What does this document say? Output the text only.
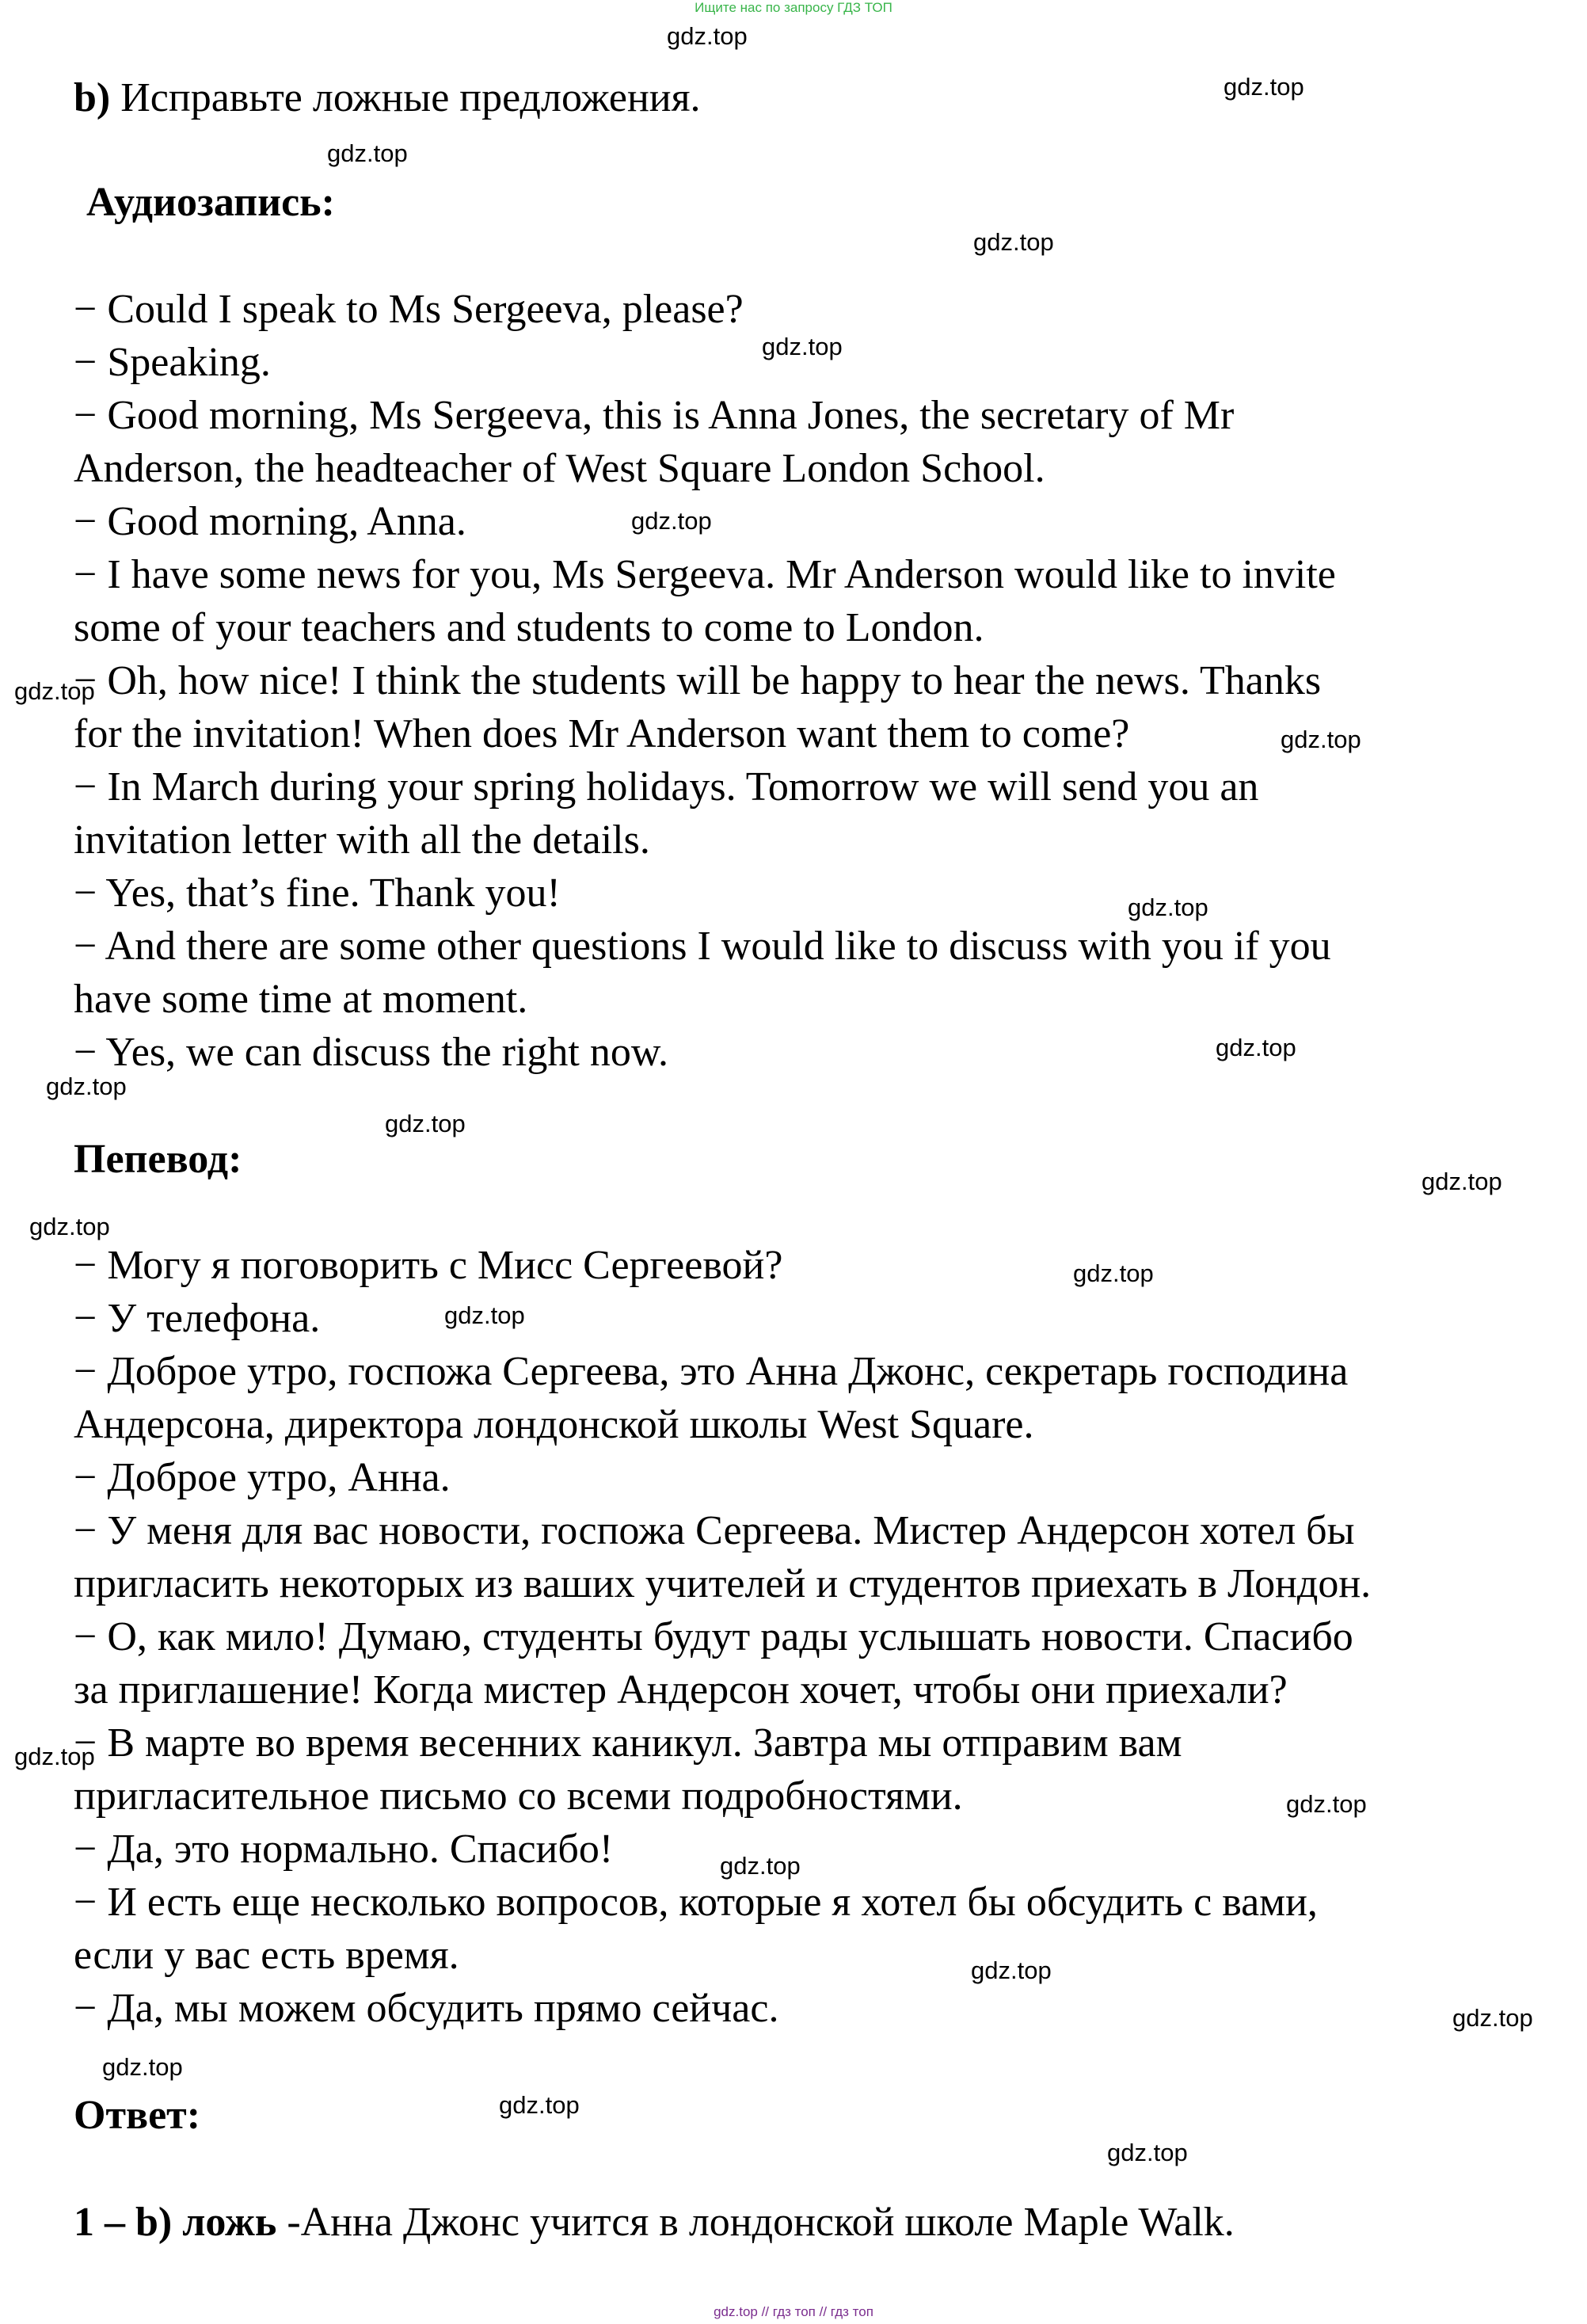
Ищите нас по запросу ГДЗ ТОП
b) Исправьте ложные предложения.
Аудиозапись:
− Could I speak to Ms Sergeeva, please?
− Speaking.
− Good morning, Ms Sergeeva, this is Anna Jones, the secretary of Mr
Anderson, the headteacher of West Square London School.
− Good morning, Anna.
− I have some news for you, Ms Sergeeva. Mr Anderson would like to invite
some of your teachers and students to come to London.
− Oh, how nice! I think the students will be happy to hear the news. Thanks
for the invitation! When does Mr Anderson want them to come?
− In March during your spring holidays. Tomorrow we will send you an
invitation letter with all the details.
− Yes, that’s fine. Thank you!
− And there are some other questions I would like to discuss with you if you
have some time at moment.
− Yes, we can discuss the right now.
Пепевод:
− Могу я поговорить с Мисс Сергеевой?
− У телефона.
− Доброе утро, госпожа Сергеева, это Анна Джонс, секретарь господина
Андерсона, директора лондонской школы West Square.
− Доброе утро, Анна.
− У меня для вас новости, госпожа Сергеева. Мистер Андерсон хотел бы
пригласить некоторых из ваших учителей и студентов приехать в Лондон.
− О, как мило! Думаю, студенты будут рады услышать новости. Спасибо
за приглашение! Когда мистер Андерсон хочет, чтобы они приехали?
− В марте во время весенних каникул. Завтра мы отправим вам
пригласительное письмо со всеми подробностями.
− Да, это нормально. Спасибо!
− И есть еще несколько вопросов, которые я хотел бы обсудить с вами,
если у вас есть время.
− Да, мы можем обсудить прямо сейчас.
Ответ:
1 – b) ложь -Анна Джонс учится в лондонской школе Maple Walk.
gdz.top
gdz.top
gdz.top
gdz.top
gdz.top
gdz.top
gdz.top
gdz.top
gdz.top
gdz.top
gdz.top
gdz.top
gdz.top
gdz.top
gdz.top
gdz.top
gdz.top
gdz.top
gdz.top
gdz.top
gdz.top
gdz.top
gdz.top
gdz.top
gdz.top // гдз топ // гдз топ
